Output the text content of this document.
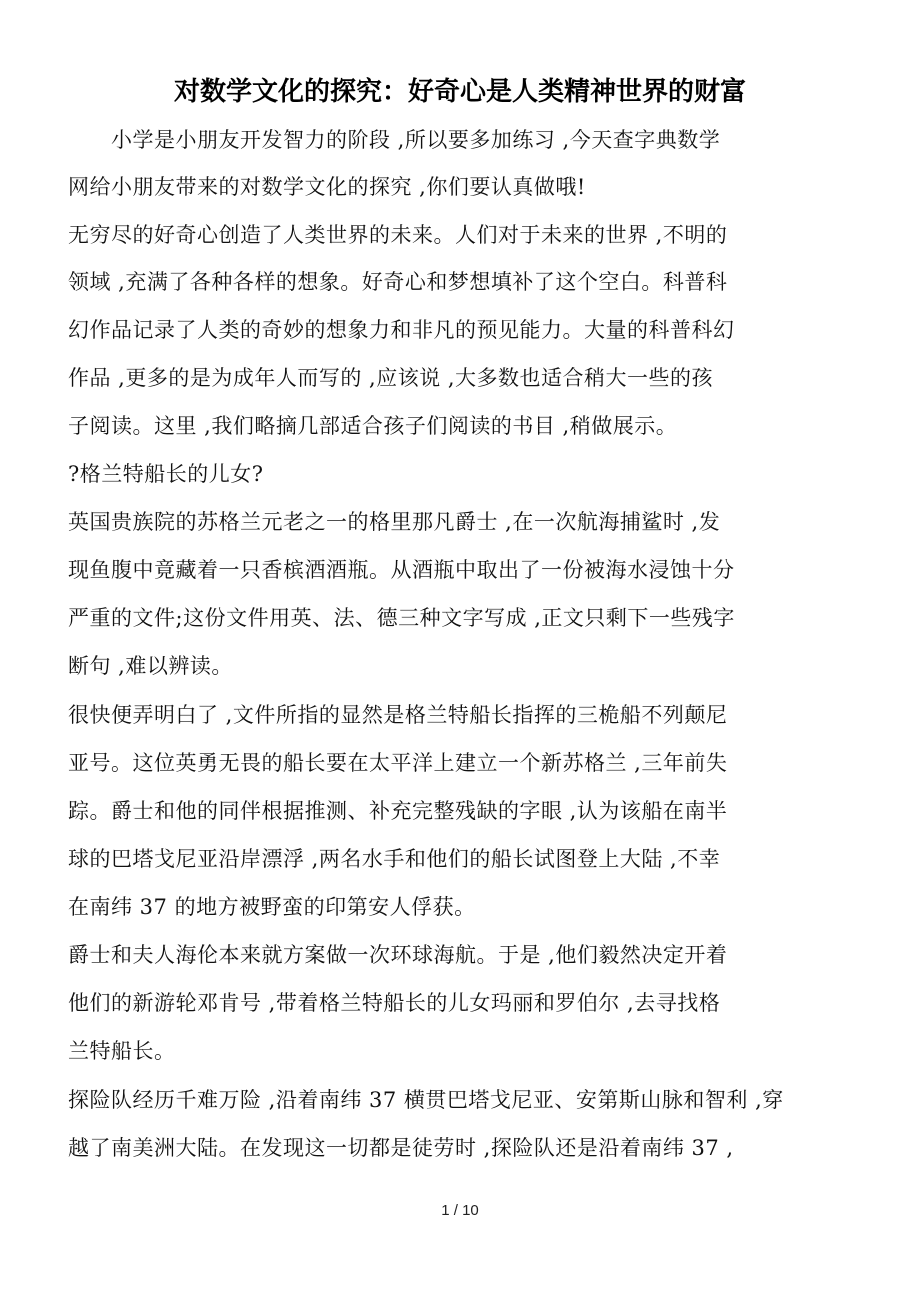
对数学文化的探究：好奇心是人类精神世界的财富

　　小学是小朋友开发智力的阶段 ,所以要多加练习 ,今天查字典数学

网给小朋友带来的对数学文化的探究 ,你们要认真做哦!

无穷尽的好奇心创造了人类世界的未来。人们对于未来的世界 ,不明的

领域 ,充满了各种各样的想象。好奇心和梦想填补了这个空白。科普科

幻作品记录了人类的奇妙的想象力和非凡的预见能力。大量的科普科幻

作品 ,更多的是为成年人而写的 ,应该说 ,大多数也适合稍大一些的孩

子阅读。这里 ,我们略摘几部适合孩子们阅读的书目 ,稍做展示。

?格兰特船长的儿女?

英国贵族院的苏格兰元老之一的格里那凡爵士 ,在一次航海捕鲨时 ,发

现鱼腹中竟藏着一只香槟酒酒瓶。从酒瓶中取出了一份被海水浸蚀十分

严重的文件;这份文件用英、法、德三种文字写成 ,正文只剩下一些残字

断句 ,难以辨读。

很快便弄明白了 ,文件所指的显然是格兰特船长指挥的三桅船不列颠尼

亚号。这位英勇无畏的船长要在太平洋上建立一个新苏格兰 ,三年前失

踪。爵士和他的同伴根据推测、补充完整残缺的字眼 ,认为该船在南半

球的巴塔戈尼亚沿岸漂浮 ,两名水手和他们的船长试图登上大陆 ,不幸

在南纬 37 的地方被野蛮的印第安人俘获。

爵士和夫人海伦本来就方案做一次环球海航。于是 ,他们毅然决定开着

他们的新游轮邓肯号 ,带着格兰特船长的儿女玛丽和罗伯尔 ,去寻找格

兰特船长。

探险队经历千难万险 ,沿着南纬 37 横贯巴塔戈尼亚、安第斯山脉和智利 ,穿

越了南美洲大陆。在发现这一切都是徒劳时 ,探险队还是沿着南纬 37 ,

1 / 10
